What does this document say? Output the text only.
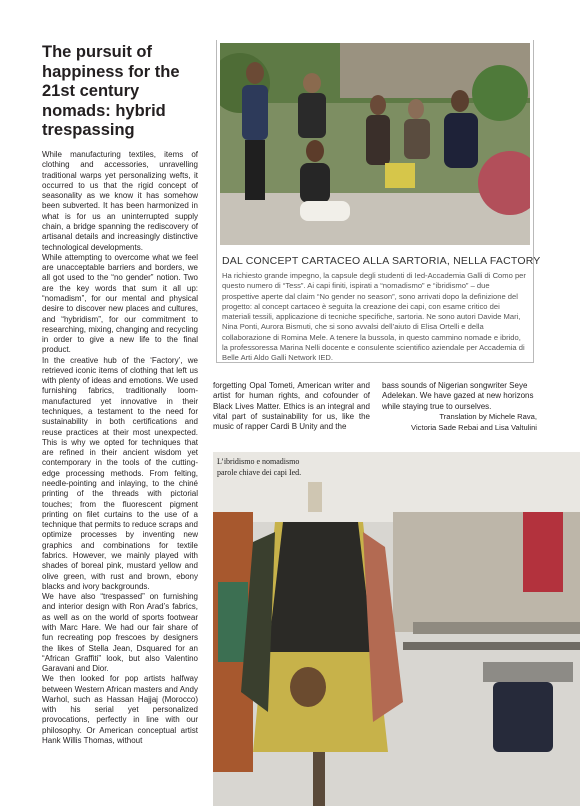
The pursuit of happiness for the 21st century nomads: hybrid trespassing

While manufacturing textiles, items of clothing and accessories, unravelling traditional warps yet personalizing wefts, it occurred to us that the rigid concept of seasonality as we know it has somehow been subverted. It has been harmonized in what is for us an uninterrupted supply chain, a bridge spanning the rediscovery of artisanal details and increasingly distinctive technological developments.

While attempting to overcome what we feel are unacceptable barriers and borders, we all got used to the “no gender” notion. Two are the key words that sum it all up: “nomadism”, for our mental and physical desire to discover new places and cultures, and “hybridism”, for our commitment to researching, mixing, changing and recycling in order to give a new life to the final product.

In the creative hub of the ‘Factory’, we retrieved iconic items of clothing that left us with plenty of ideas and emotions. We used furnishing fabrics, traditionally loom-manufactured yet innovative in their techniques, a testament to the need for sustainability in both certifications and reuse practices at their most unexpected. This is why we opted for techniques that are refined in their ancient wisdom yet contemporary in the tools of the cutting-edge processing methods. From felting, needle-pointing and inlaying, to the chiné printing of the threads with pictorial touches; from the fluorescent pigment printing on filet curtains to the use of a technique that permits to reduce scraps and optimize processes by inventing new graphics and combinations for textile fabrics. However, we mainly played with shades of boreal pink, mustard yellow and olive green, with rust and brown, ebony blacks and ivory backgrounds.

We have also “trespassed” on furnishing and interior design with Ron Arad’s fabrics, as well as on the world of sports footwear with Marc Hare. We had our fair share of fun recreating pop frescoes by designers the likes of Stella Jean, Dsquared for an “African Graffiti” look, but also Valentino Garavani and Dior.

We then looked for pop artists halfway between Western African masters and Andy Warhol, such as Hassan Hajjaj (Morocco) with his serial yet personalized provocations, perfectly in line with our philosophy. Or American conceptual artist Hank Willis Thomas, without

DAL CONCEPT CARTACEO ALLA SARTORIA, NELLA FACTORY
Ha richiesto grande impegno, la capsule degli studenti di Ied-Accademia Galli di Como per questo numero di “Tess”. Ai capi finiti, ispirati a “nomadismo” e “ibridismo” – due prospettive aperte dal claim “No gender no season”, sono arrivati dopo la definizione del progetto: al concept cartaceo è seguita la creazione dei capi, con esame critico dei materiali tessili, applicazione di tecniche specifiche, sartoria. Ne sono autori Davide Mari, Nina Ponti, Aurora Bismuti, che si sono avvalsi dell’aiuto di Elisa Ortelli e della collaborazione di Romina Mele. A tenere la bussola, in questo cammino nomade e ibrido, la professoressa Marina Nelli docente e consulente scientifico aziendale per Accademia di Belle Arti Aldo Galli Network IED.
forgetting Opal Tometi, American writer and artist for human rights, and cofounder of Black Lives Matter. Ethics is an integral and vital part of sustainability for us, like the music of rapper Cardi B Unity and the
bass sounds of Nigerian songwriter Seye Adelekan. We have gazed at new horizons while staying true to ourselves.
Translation by Michele Rava,
Victoria Sade Rebai and Lisa Valtulini
L’ibridismo e nomadismo parole chiave dei capi Ied.
